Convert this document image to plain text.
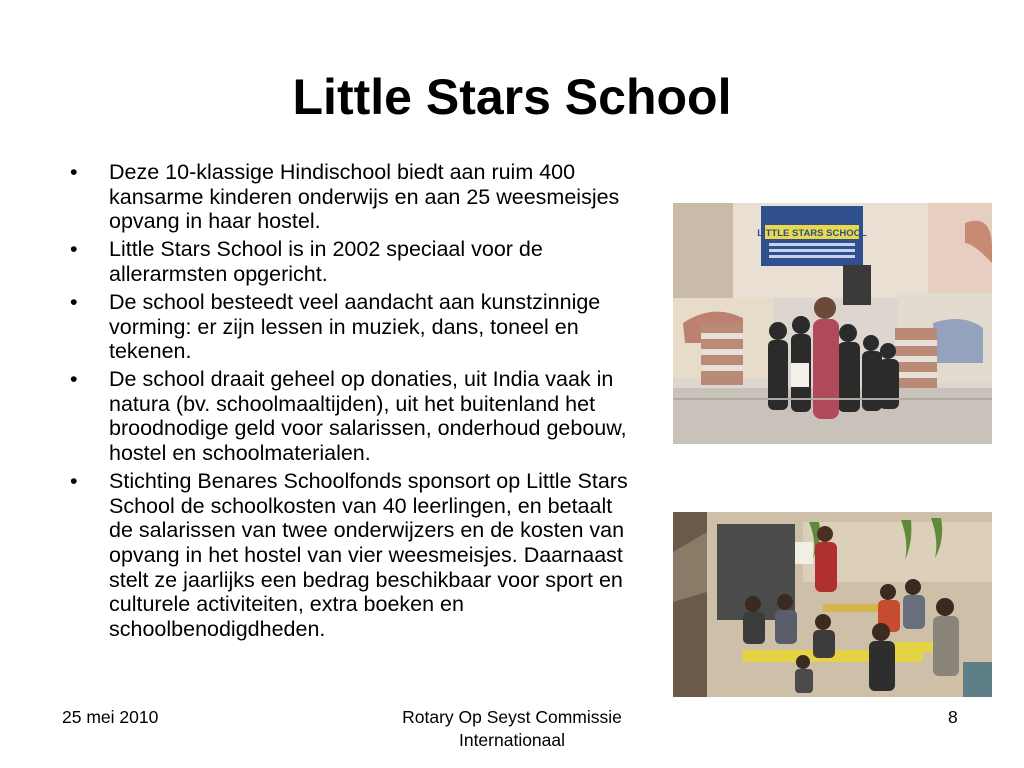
Little Stars School
• Deze 10-klassige Hindischool biedt aan ruim 400 kansarme kinderen onderwijs en aan 25 weesmeisjes opvang in haar hostel.
• Little Stars School is in 2002 speciaal voor de allerarmsten opgericht.
• De school besteedt veel aandacht aan kunstzinnige vorming: er zijn lessen in muziek, dans, toneel en tekenen.
• De school draait geheel op donaties, uit India vaak in natura (bv. schoolmaaltijden), uit het buitenland het broodnodige geld voor salarissen, onderhoud gebouw, hostel en schoolmaterialen.
• Stichting Benares Schoolfonds sponsort op Little Stars School de schoolkosten van 40 leerlingen, en betaalt de salarissen van twee onderwijzers en de kosten van opvang in het hostel van vier weesmeisjes. Daarnaast stelt ze jaarlijks een bedrag beschikbaar voor sport en culturele activiteiten, extra boeken en schoolbenodigdheden.
LITTLE STARS SCHOOL
25 mei 2010	Rotary Op Seyst Commissie
Internationaal
8
